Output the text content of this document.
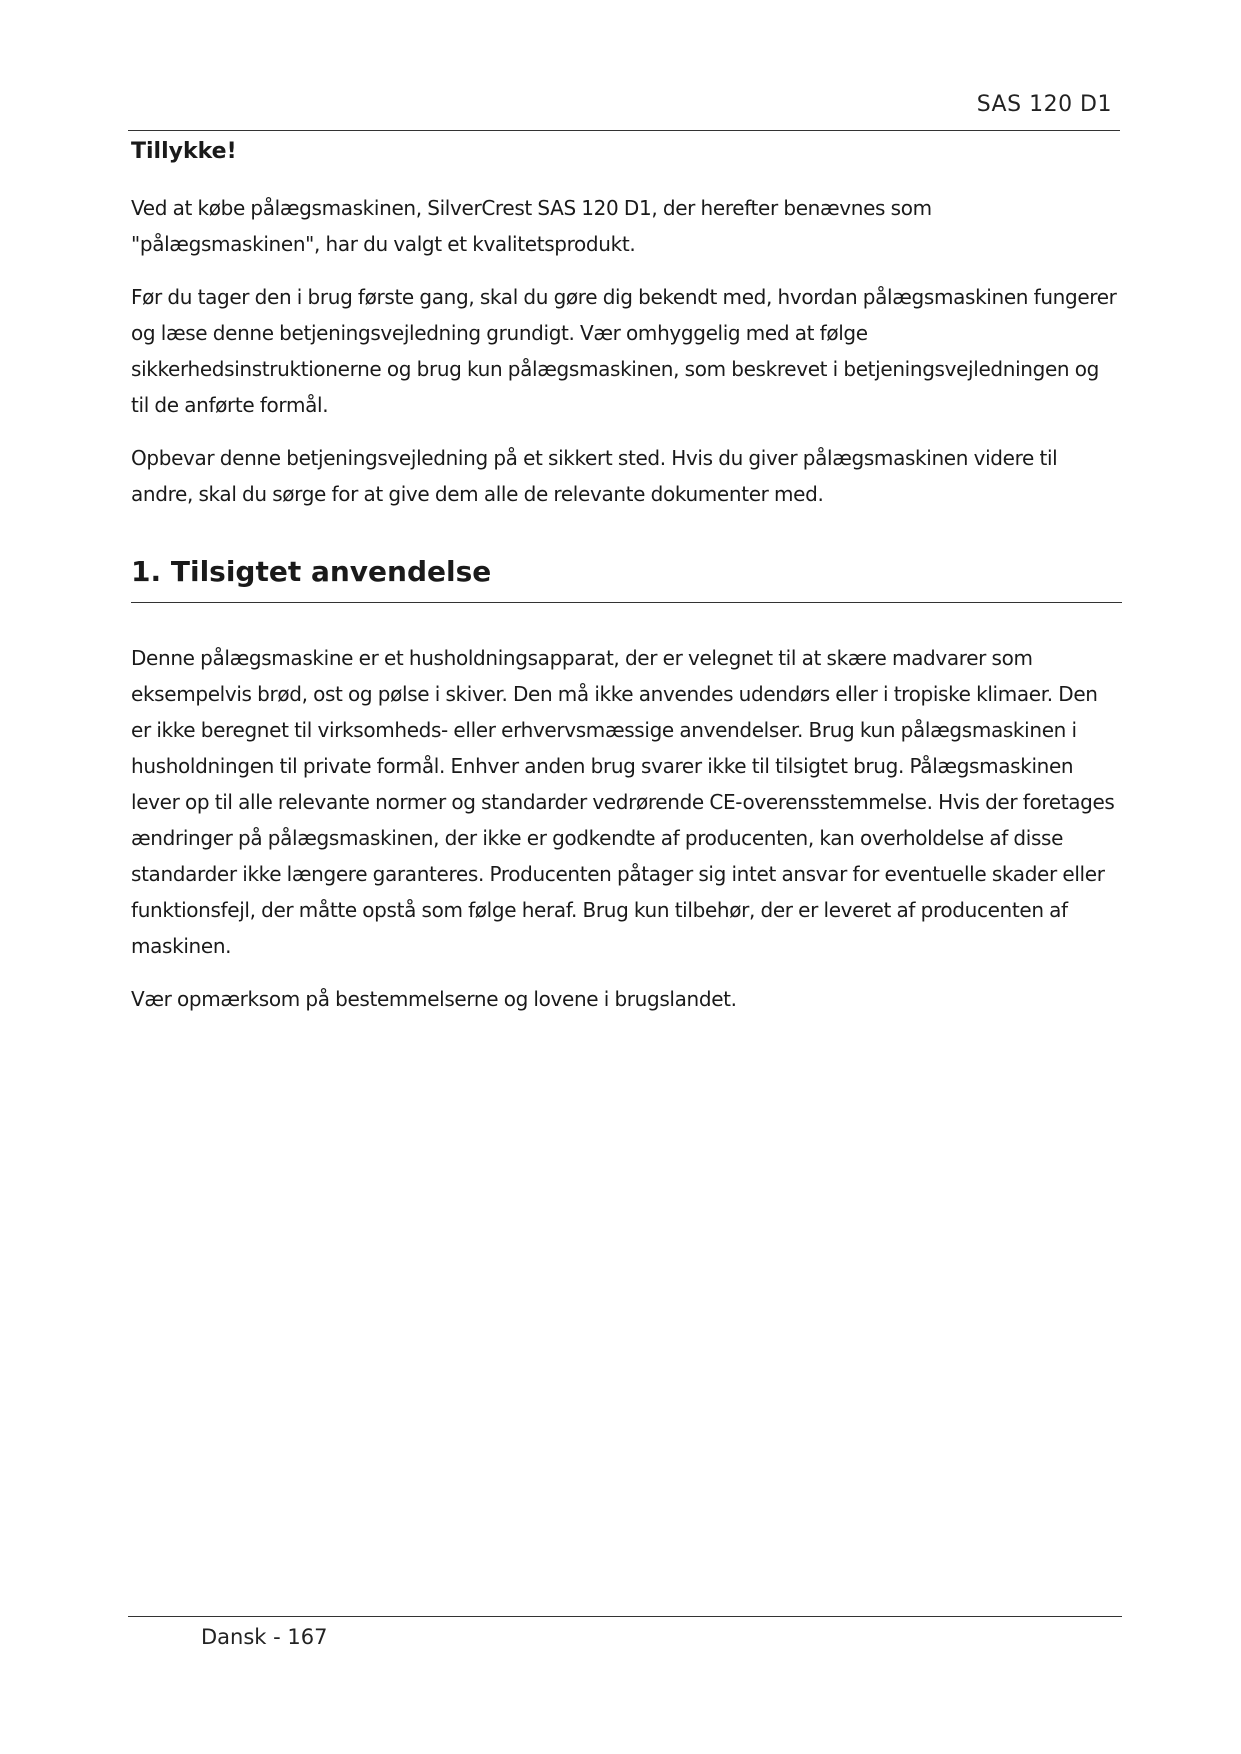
SAS 120 D1
Tillykke!

Ved at købe pålægsmaskinen, SilverCrest SAS 120 D1, der herefter benævnes som "pålægsmaskinen", har du valgt et kvalitetsprodukt.

Før du tager den i brug første gang, skal du gøre dig bekendt med, hvordan pålægsmaskinen fungerer og læse denne betjeningsvejledning grundigt. Vær omhyggelig med at følge sikkerhedsinstruktionerne og brug kun pålægsmaskinen, som beskrevet i betjeningsvejledningen og til de anførte formål.

Opbevar denne betjeningsvejledning på et sikkert sted. Hvis du giver pålægsmaskinen videre til andre, skal du sørge for at give dem alle de relevante dokumenter med.

1. Tilsigtet anvendelse

Denne pålægsmaskine er et husholdningsapparat, der er velegnet til at skære madvarer som eksempelvis brød, ost og pølse i skiver. Den må ikke anvendes udendørs eller i tropiske klimaer. Den er ikke beregnet til virksomheds- eller erhvervsmæssige anvendelser. Brug kun pålægsmaskinen i husholdningen til private formål. Enhver anden brug svarer ikke til tilsigtet brug. Pålægsmaskinen lever op til alle relevante normer og standarder vedrørende CE-overensstemmelse. Hvis der foretages ændringer på pålægsmaskinen, der ikke er godkendte af producenten, kan overholdelse af disse standarder ikke længere garanteres. Producenten påtager sig intet ansvar for eventuelle skader eller funktionsfejl, der måtte opstå som følge heraf. Brug kun tilbehør, der er leveret af producenten af maskinen.

Vær opmærksom på bestemmelserne og lovene i brugslandet.

Dansk - 167
